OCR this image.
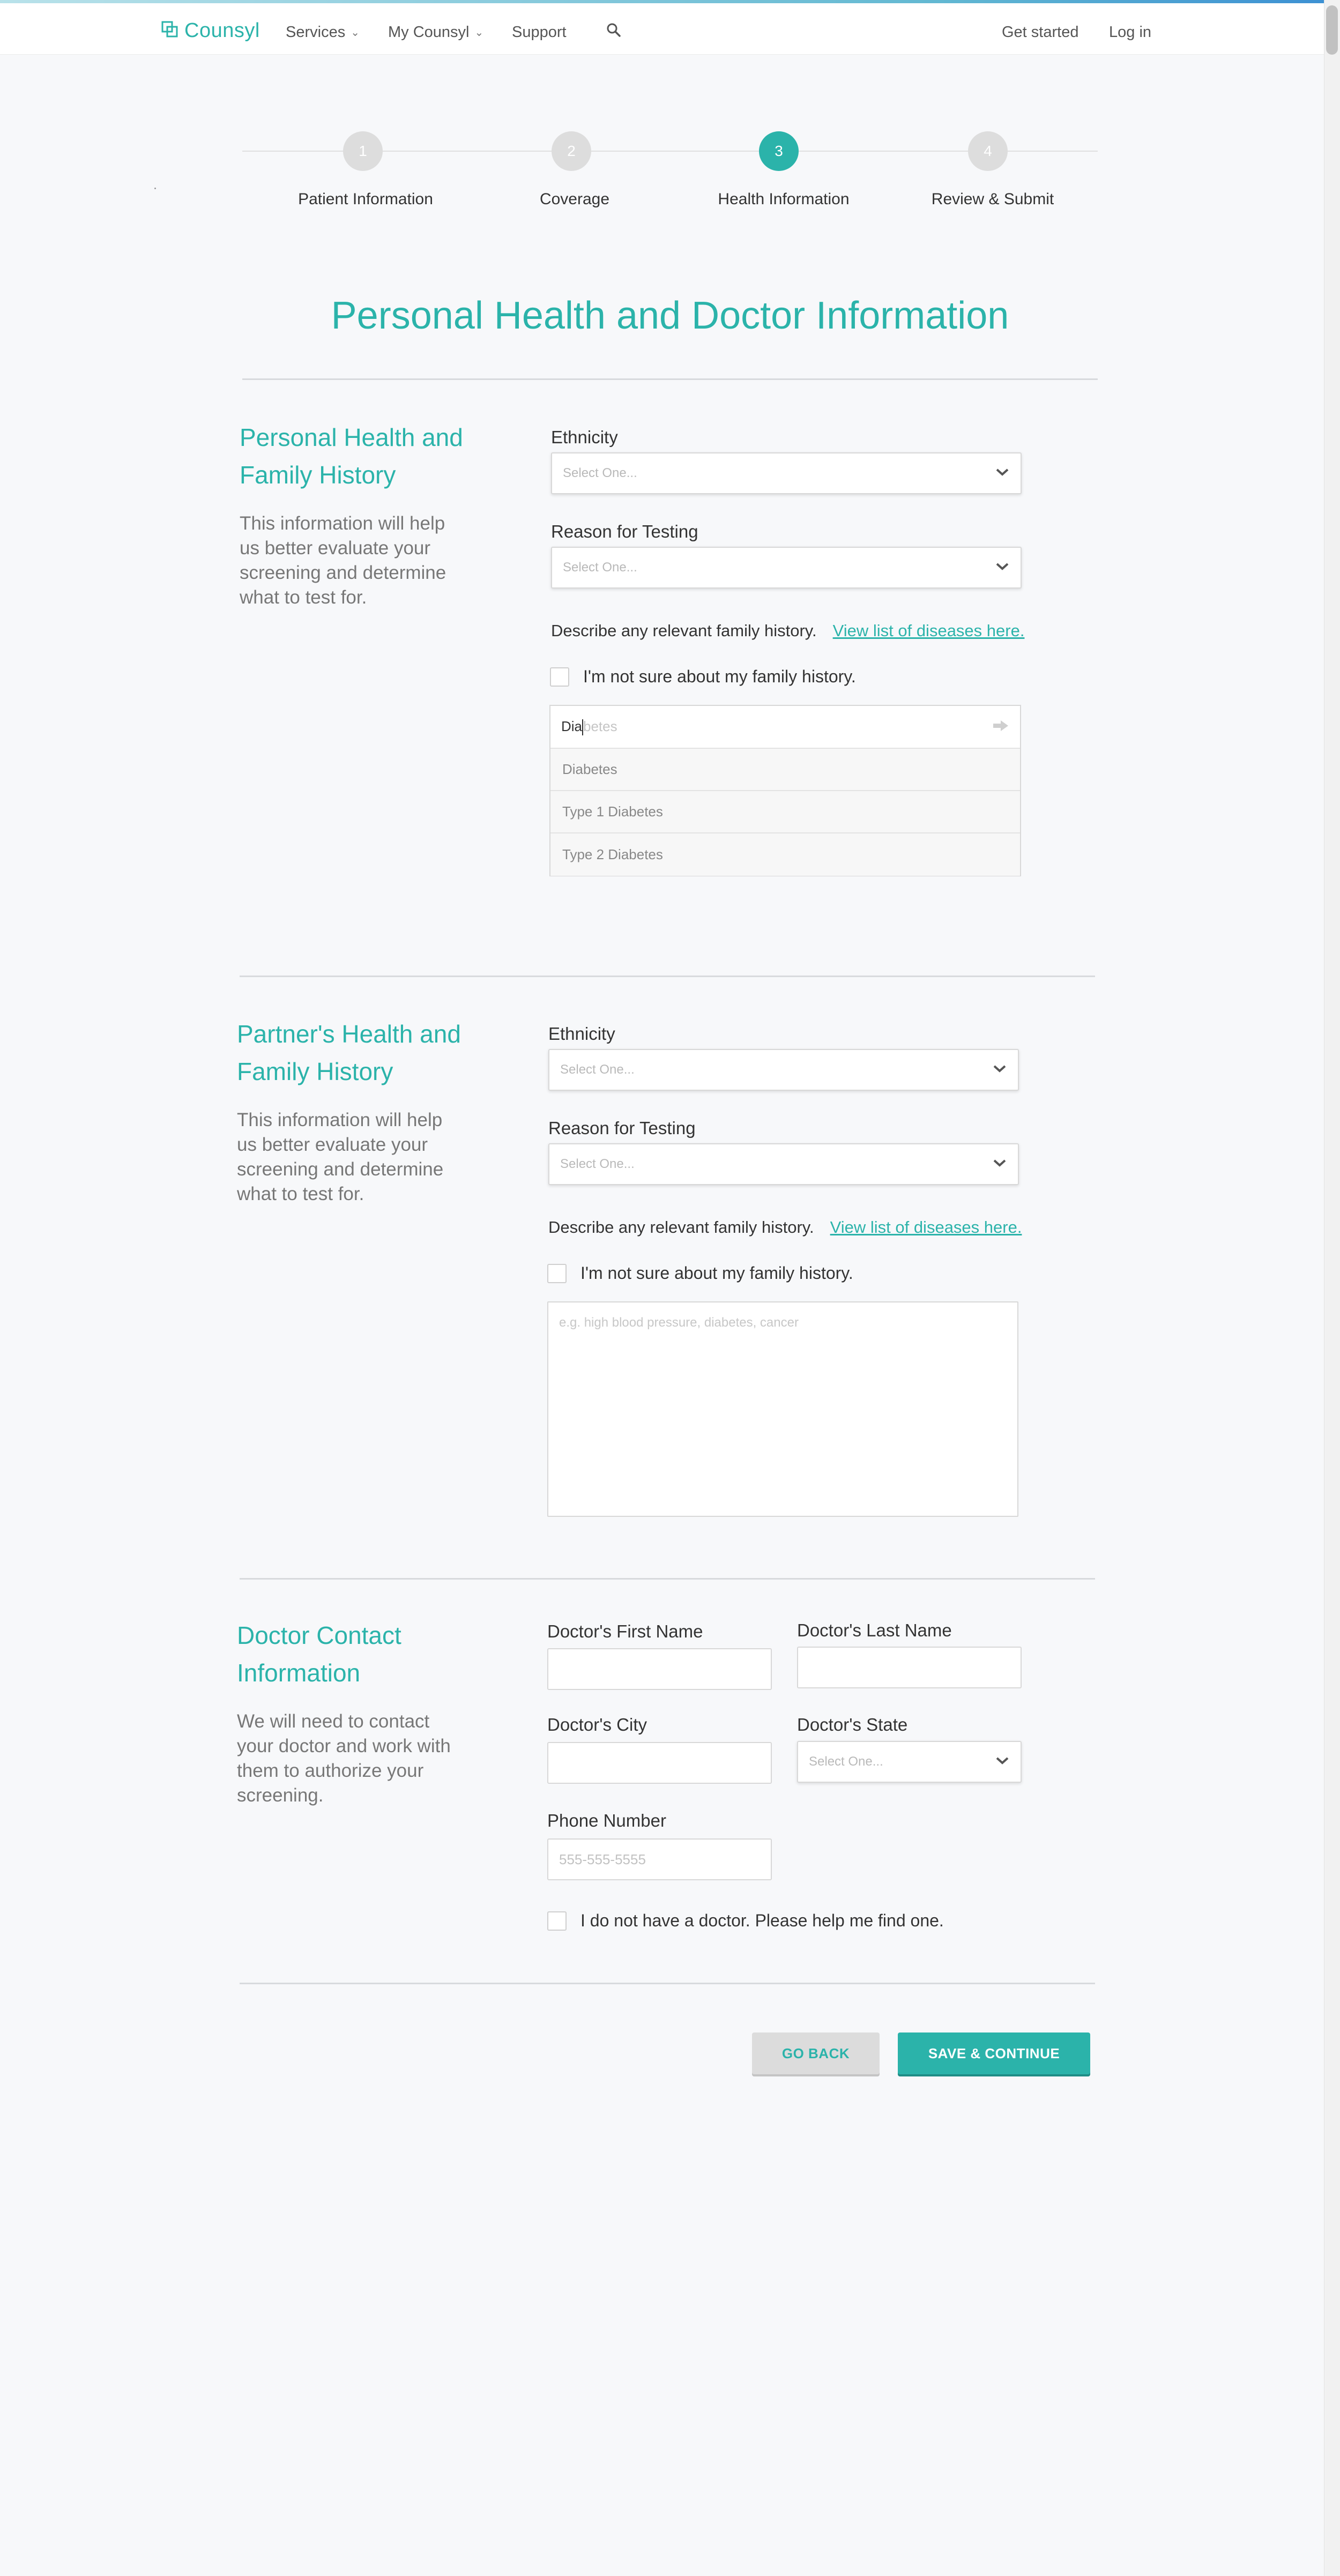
Counsyl Services ⌄ My Counsyl ⌄ Support	Get started Log in
1	2	3	4
Patient Information	Coverage	Health Information	Review & Submit
Personal Health and Doctor Information
Personal Health and Family History
This information will help us better evaluate your screening and determine what to test for.
Ethnicity
Select One...
Reason for Testing
Select One...
Describe any relevant family history. View list of diseases here.
I'm not sure about my family history.
Diabetes
Diabetes
Type 1 Diabetes
Type 2 Diabetes
Partner's Health and Family History
This information will help us better evaluate your screening and determine what to test for.
Ethnicity
Select One...
Reason for Testing
Select One...
Describe any relevant family history. View list of diseases here.
I'm not sure about my family history.
e.g. high blood pressure, diabetes, cancer
Doctor Contact Information
We will need to contact your doctor and work with them to authorize your screening.
Doctor's First Name	Doctor's Last Name
Doctor's City	Doctor's State
Select One...
Phone Number
555-555-5555
I do not have a doctor. Please help me find one.
GO BACK	SAVE & CONTINUE
